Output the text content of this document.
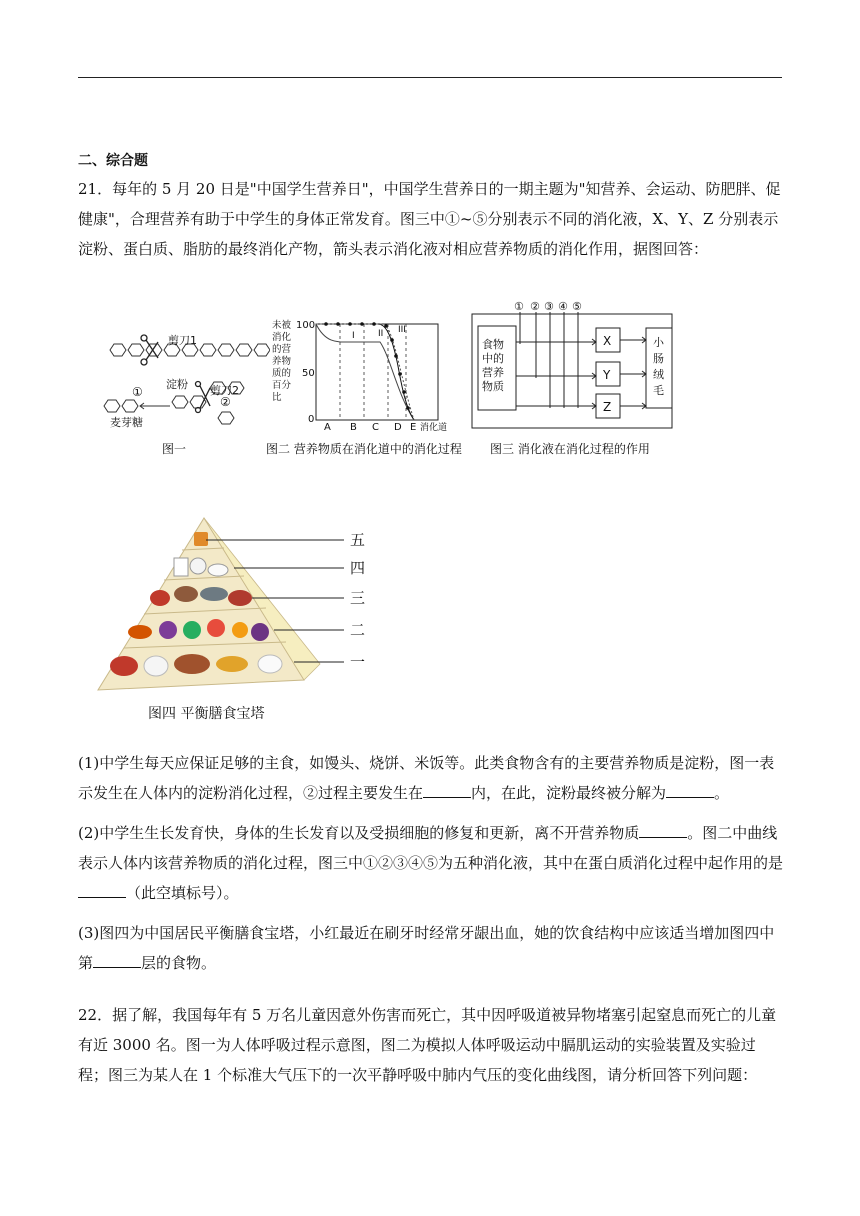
二、综合题
21．每年的 5 月 20 日是"中国学生营养日"，中国学生营养日的一期主题为"知营养、会运动、防肥胖、促健康"，合理营养有助于中学生的身体正常发育。图三中①~⑤分别表示不同的消化液，X、Y、Z 分别表示淀粉、蛋白质、脂肪的最终消化产物，箭头表示消化液对相应营养物质的消化作用，据图回答：
剪刀1
淀粉 剪刀2
①
②
麦芽糖
图一
未被
消化
的营
养物
质的
百分
比
100
50
0
I	II III
A B C D E 消化道
图二 营养物质在消化道中的消化过程
食物
中的
营养
物质
① ② ③ ④ ⑤
X
Y
Z
小
肠
绒
毛
图三 消化液在消化过程的作用
五
四
三
二
一
图四 平衡膳食宝塔
(1)中学生每天应保证足够的主食，如馒头、烧饼、米饭等。此类食物含有的主要营养物质是淀粉，图一表示发生在人体内的淀粉消化过程，②过程主要发生在	内，在此，淀粉最终被分解为	。
(2)中学生生长发育快，身体的生长发育以及受损细胞的修复和更新，离不开营养物质	。图二中曲线表示人体内该营养物质的消化过程，图三中①②③④⑤为五种消化液，其中在蛋白质消化过程中起作用的是（此空填标号）。
(3)图四为中国居民平衡膳食宝塔，小红最近在刷牙时经常牙龈出血，她的饮食结构中应该适当增加图四中第	层的食物。
22．据了解，我国每年有 5 万名儿童因意外伤害而死亡，其中因呼吸道被异物堵塞引起窒息而死亡的儿童有近 3000 名。图一为人体呼吸过程示意图，图二为模拟人体呼吸运动中膈肌运动的实验装置及实验过程；图三为某人在 1 个标准大气压下的一次平静呼吸中肺内气压的变化曲线图，请分析回答下列问题：
